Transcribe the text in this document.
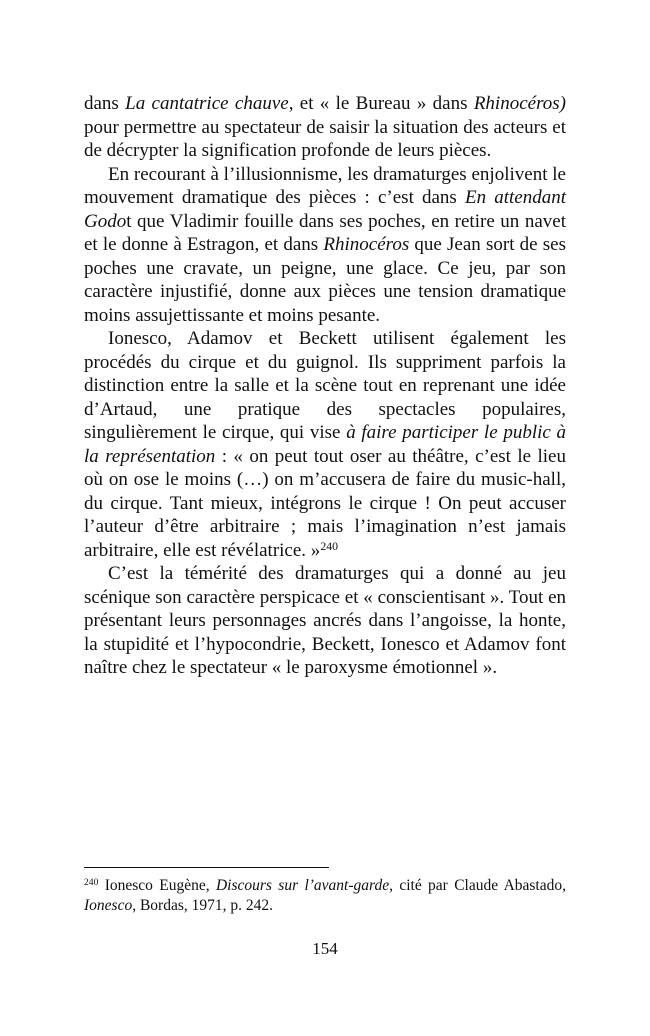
dans La cantatrice chauve, et « le Bureau » dans Rhinocéros) pour permettre au spectateur de saisir la situation des acteurs et de décrypter la signification profonde de leurs pièces.

En recourant à l’illusionnisme, les dramaturges enjolivent le mouvement dramatique des pièces : c’est dans En attendant Godot que Vladimir fouille dans ses poches, en retire un navet et le donne à Estragon, et dans Rhinocéros que Jean sort de ses poches une cravate, un peigne, une glace. Ce jeu, par son caractère injustifié, donne aux pièces une tension dramatique moins assujettissante et moins pesante.

Ionesco, Adamov et Beckett utilisent également les procédés du cirque et du guignol. Ils suppriment parfois la distinction entre la salle et la scène tout en reprenant une idée d’Artaud, une pratique des spectacles populaires, singulièrement le cirque, qui vise à faire participer le public à la représentation : « on peut tout oser au théâtre, c’est le lieu où on ose le moins (…) on m’accusera de faire du music-hall, du cirque. Tant mieux, intégrons le cirque ! On peut accuser l’auteur d’être arbitraire ; mais l’imagination n’est jamais arbitraire, elle est révélatrice. »$^{240}$

C’est la témérité des dramaturges qui a donné au jeu scénique son caractère perspicace et « conscientisant ». Tout en présentant leurs personnages ancrés dans l’angoisse, la honte, la stupidité et l’hypocondrie, Beckett, Ionesco et Adamov font naître chez le spectateur « le paroxysme émotionnel ».

$^{240}$ Ionesco Eugène, Discours sur l’avant-garde, cité par Claude Abastado, Ionesco, Bordas, 1971, p. 242.

154
